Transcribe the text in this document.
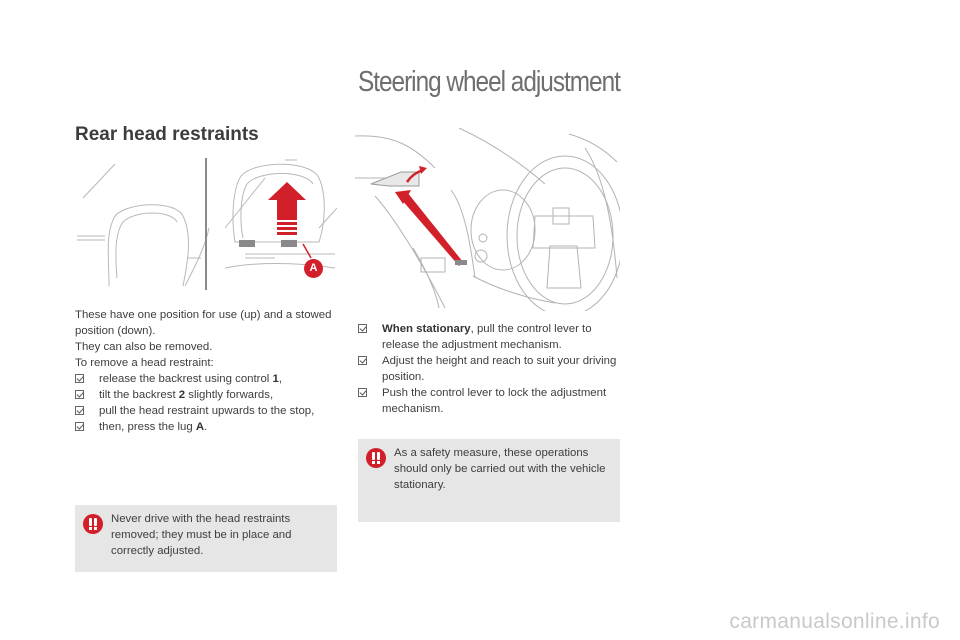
Steering wheel adjustment
Rear head restraints
A

These have one position for use (up) and a stowed position (down).

They can also be removed.

To remove a head restraint:

release the backrest using control 1,
tilt the backrest 2 slightly forwards,
pull the head restraint upwards to the stop,
then, press the lug A.
When stationary, pull the control lever to release the adjustment mechanism.
Adjust the height and reach to suit your driving position.
Push the control lever to lock the adjustment mechanism.
As a safety measure, these operations should only be carried out with the vehicle stationary.
Never drive with the head restraints removed; they must be in place and correctly adjusted.
carmanualsonline.info
